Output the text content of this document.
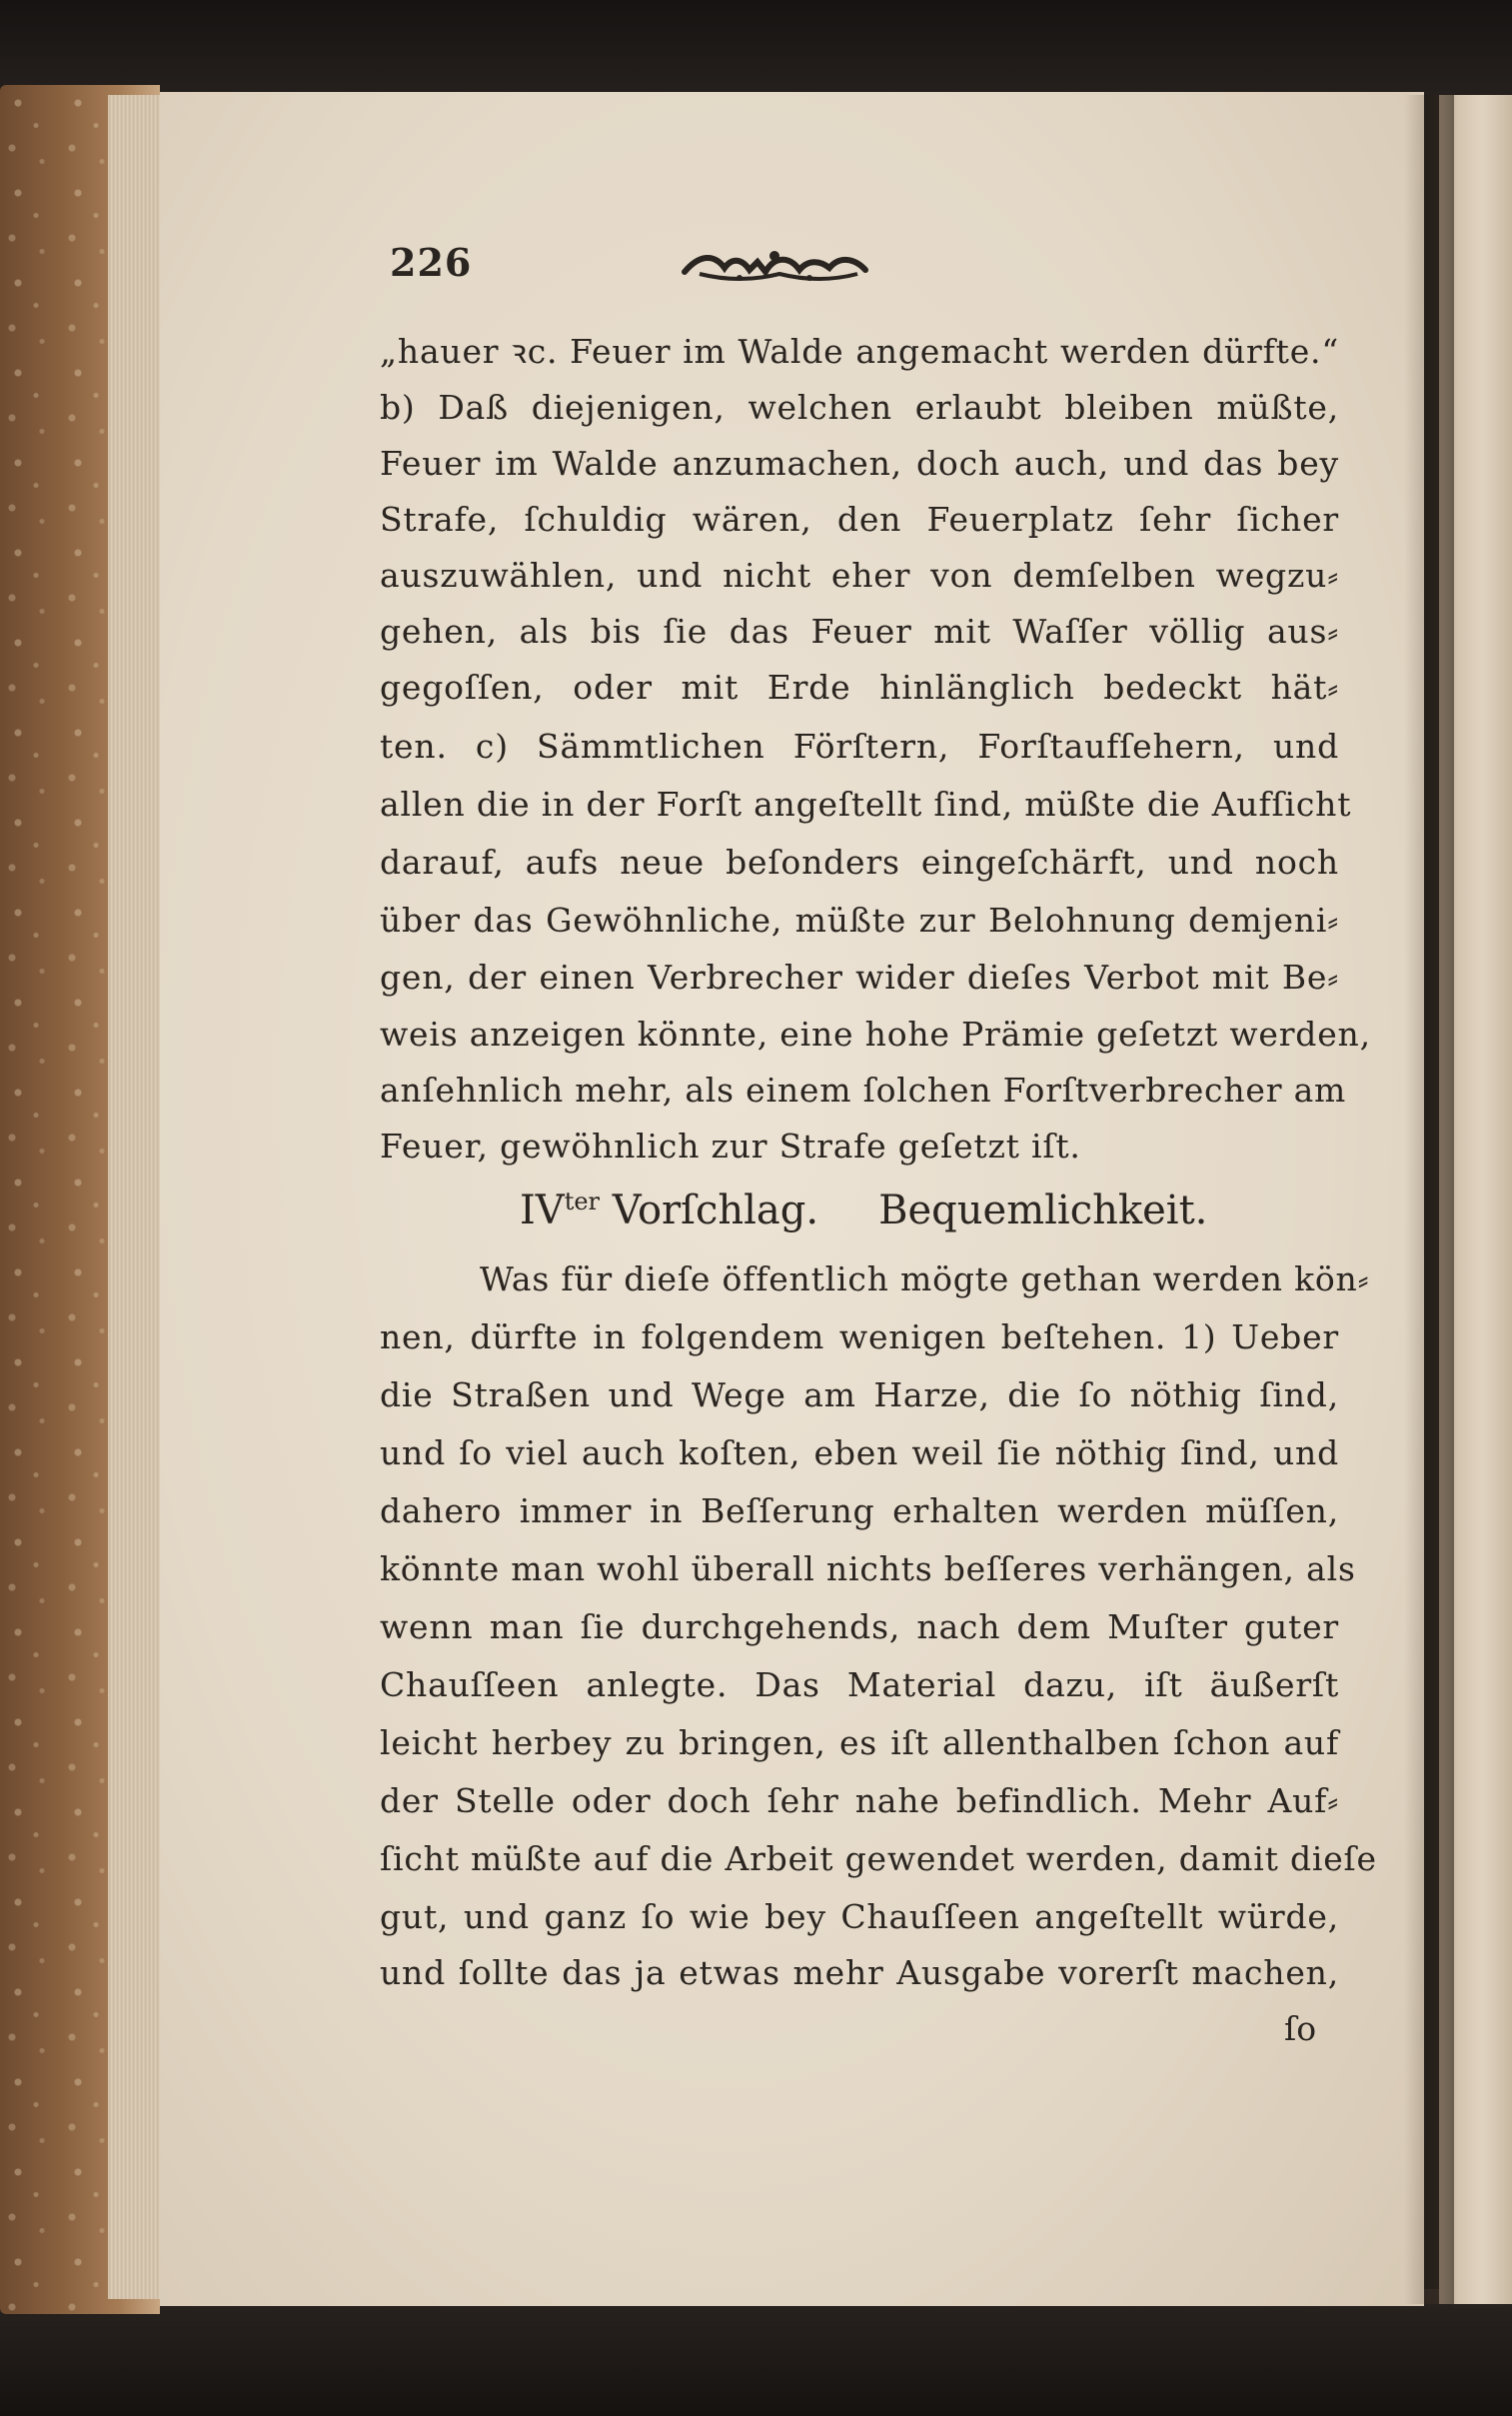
226
„hauer ꝛc. Feuer im Walde angemacht werden dürfte.“
b) Daß diejenigen, welchen erlaubt bleiben müßte,
Feuer im Walde anzumachen, doch auch, und das bey
Strafe, ſchuldig wären, den Feuerplatz ſehr ſicher
auszuwählen, und nicht eher von demſelben wegzu⸗
gehen, als bis ſie das Feuer mit Waſſer völlig aus⸗
gegoſſen, oder mit Erde hinlänglich bedeckt hät⸗
ten. c) Sämmtlichen Förſtern, Forſtaufſehern, und
allen die in der Forſt angeſtellt ſind, müßte die Aufſicht
darauf, aufs neue beſonders eingeſchärft, und noch
über das Gewöhnliche, müßte zur Belohnung demjeni⸗
gen, der einen Verbrecher wider dieſes Verbot mit Be⸗
weis anzeigen könnte, eine hohe Prämie geſetzt werden,
anſehnlich mehr, als einem ſolchen Forſtverbrecher am
Feuer, gewöhnlich zur Strafe geſetzt iſt.
$IV^{ter}$ Vorſchlag. Bequemlichkeit.
Was für dieſe öffentlich mögte gethan werden kön⸗
nen, dürfte in folgendem wenigen beſtehen. 1) Ueber
die Straßen und Wege am Harze, die ſo nöthig ſind,
und ſo viel auch koſten, eben weil ſie nöthig ſind, und
dahero immer in Beſſerung erhalten werden müſſen,
könnte man wohl überall nichts beſſeres verhängen, als
wenn man ſie durchgehends, nach dem Muſter guter
Chauſſeen anlegte. Das Material dazu, iſt äußerſt
leicht herbey zu bringen, es iſt allenthalben ſchon auf
der Stelle oder doch ſehr nahe befindlich. Mehr Auf⸗
ſicht müßte auf die Arbeit gewendet werden, damit dieſe
gut, und ganz ſo wie bey Chauſſeen angeſtellt würde,
und ſollte das ja etwas mehr Ausgabe vorerſt machen,
ſo
